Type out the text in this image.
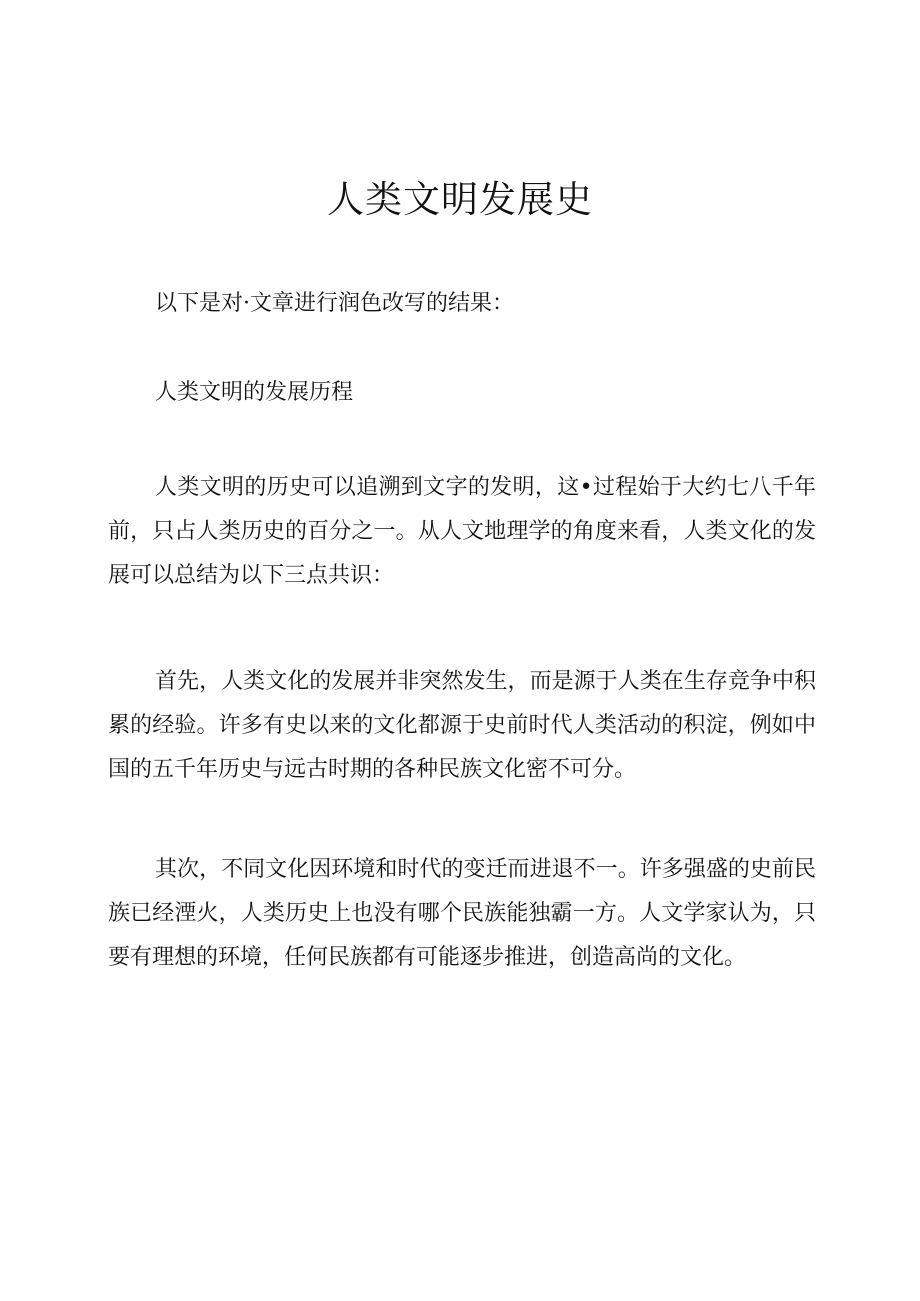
人类文明发展史

以下是对·文章进行润色改写的结果：

人类文明的发展历程

人类文明的历史可以追溯到文字的发明，这•过程始于大约七八千年前，只占人类历史的百分之一。从人文地理学的角度来看，人类文化的发展可以总结为以下三点共识：

首先，人类文化的发展并非突然发生，而是源于人类在生存竞争中积累的经验。许多有史以来的文化都源于史前时代人类活动的积淀，例如中国的五千年历史与远古时期的各种民族文化密不可分。

其次，不同文化因环境和时代的变迁而进退不一。许多强盛的史前民族已经湮火，人类历史上也没有哪个民族能独霸一方。人文学家认为，只要有理想的环境，任何民族都有可能逐步推进，创造高尚的文化。
